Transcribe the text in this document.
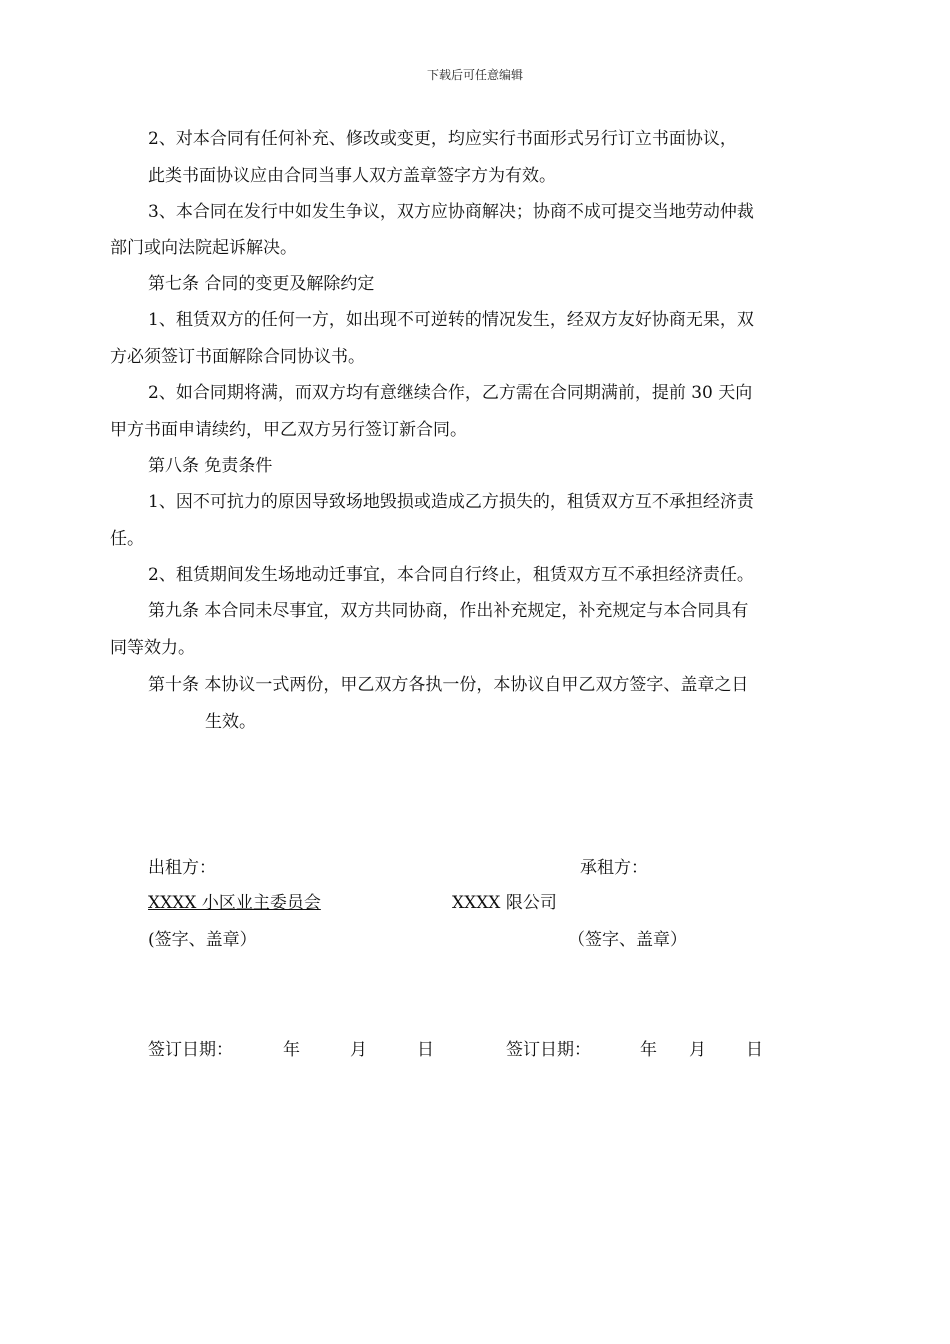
下载后可任意编辑
2、对本合同有任何补充、修改或变更，均应实行书面形式另行订立书面协议，
此类书面协议应由合同当事人双方盖章签字方为有效。
3、本合同在发行中如发生争议，双方应协商解决；协商不成可提交当地劳动仲裁
部门或向法院起诉解决。
第七条 合同的变更及解除约定
1、租赁双方的任何一方，如出现不可逆转的情况发生，经双方友好协商无果，双
方必须签订书面解除合同协议书。
2、如合同期将满，而双方均有意继续合作，乙方需在合同期满前，提前 30 天向
甲方书面申请续约，甲乙双方另行签订新合同。
第八条 免责条件
1、因不可抗力的原因导致场地毁损或造成乙方损失的，租赁双方互不承担经济责
任。
2、租赁期间发生场地动迁事宜，本合同自行终止，租赁双方互不承担经济责任。
第九条 本合同未尽事宜，双方共同协商，作出补充规定，补充规定与本合同具有
同等效力。
第十条 本协议一式两份，甲乙双方各执一份，本协议自甲乙双方签字、盖章之日
生效。
出租方：	承租方：
XXXX 小区业主委员会	XXXX 限公司
(签字、盖章）	（签字、盖章）
签订日期：	年	月	日	签订日期：	年 月 日
